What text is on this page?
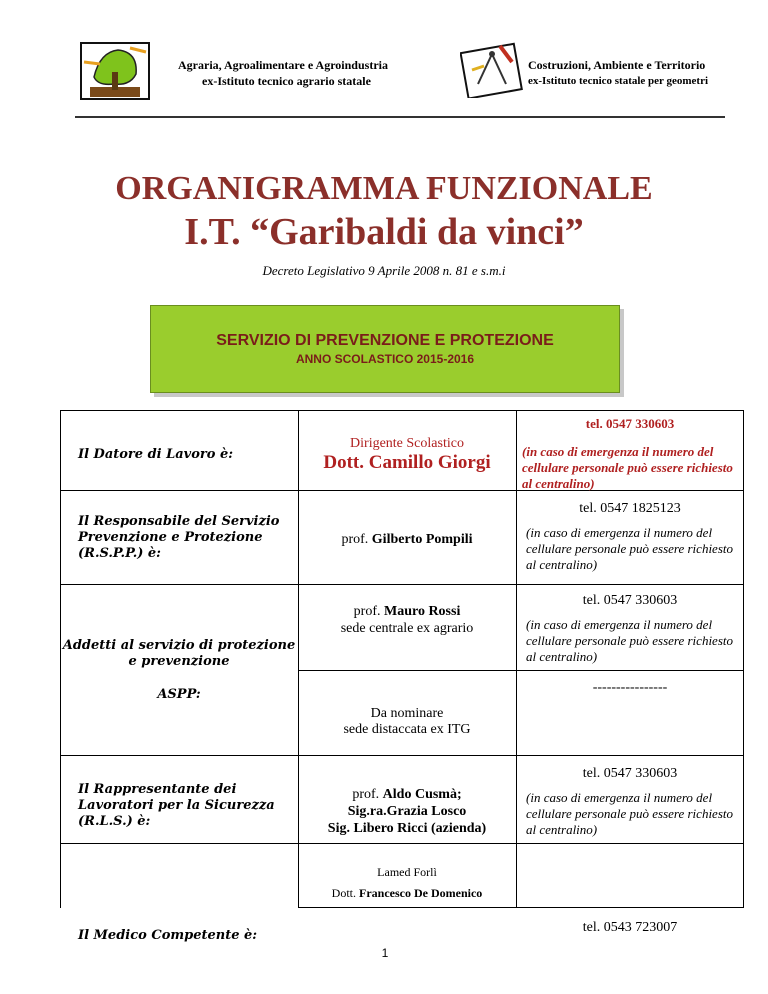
Agraria, Agroalimentare e Agroindustria
ex-Istituto tecnico agrario statale
Costruzioni, Ambiente e Territorio
ex-Istituto tecnico statale per geometri
ORGANIGRAMMA FUNZIONALE
I.T. “Garibaldi da vinci”
Decreto Legislativo 9 Aprile 2008 n. 81 e s.m.i
SERVIZIO DI PREVENZIONE E PROTEZIONE
ANNO SCOLASTICO 2015-2016
Il Datore di Lavoro è:
Dirigente Scolastico
Dott. Camillo Giorgi
tel. 0547 330603
(in caso di emergenza il numero del cellulare personale può essere richiesto al centralino)
Il Responsabile del Servizio Prevenzione e Protezione (R.S.P.P.) è:
prof. Gilberto Pompili
tel. 0547 1825123
(in caso di emergenza il numero del cellulare personale può essere richiesto al centralino)
Addetti al servizio di protezione e prevenzione
ASPP:
prof. Mauro Rossi
sede centrale ex agrario
tel. 0547 330603
(in caso di emergenza il numero del cellulare personale può essere richiesto al centralino)
Da nominare
sede distaccata ex ITG
----------------
Il Rappresentante dei Lavoratori per la Sicurezza (R.L.S.) è:
prof. Aldo Cusmà;
Sig.ra.Grazia Losco
Sig. Libero Ricci (azienda)
tel. 0547 330603
(in caso di emergenza il numero del cellulare personale può essere richiesto al centralino)
Il Medico Competente è:
Lamed Forlì
Dott. Francesco De Domenico
tel. 0543 723007
1
